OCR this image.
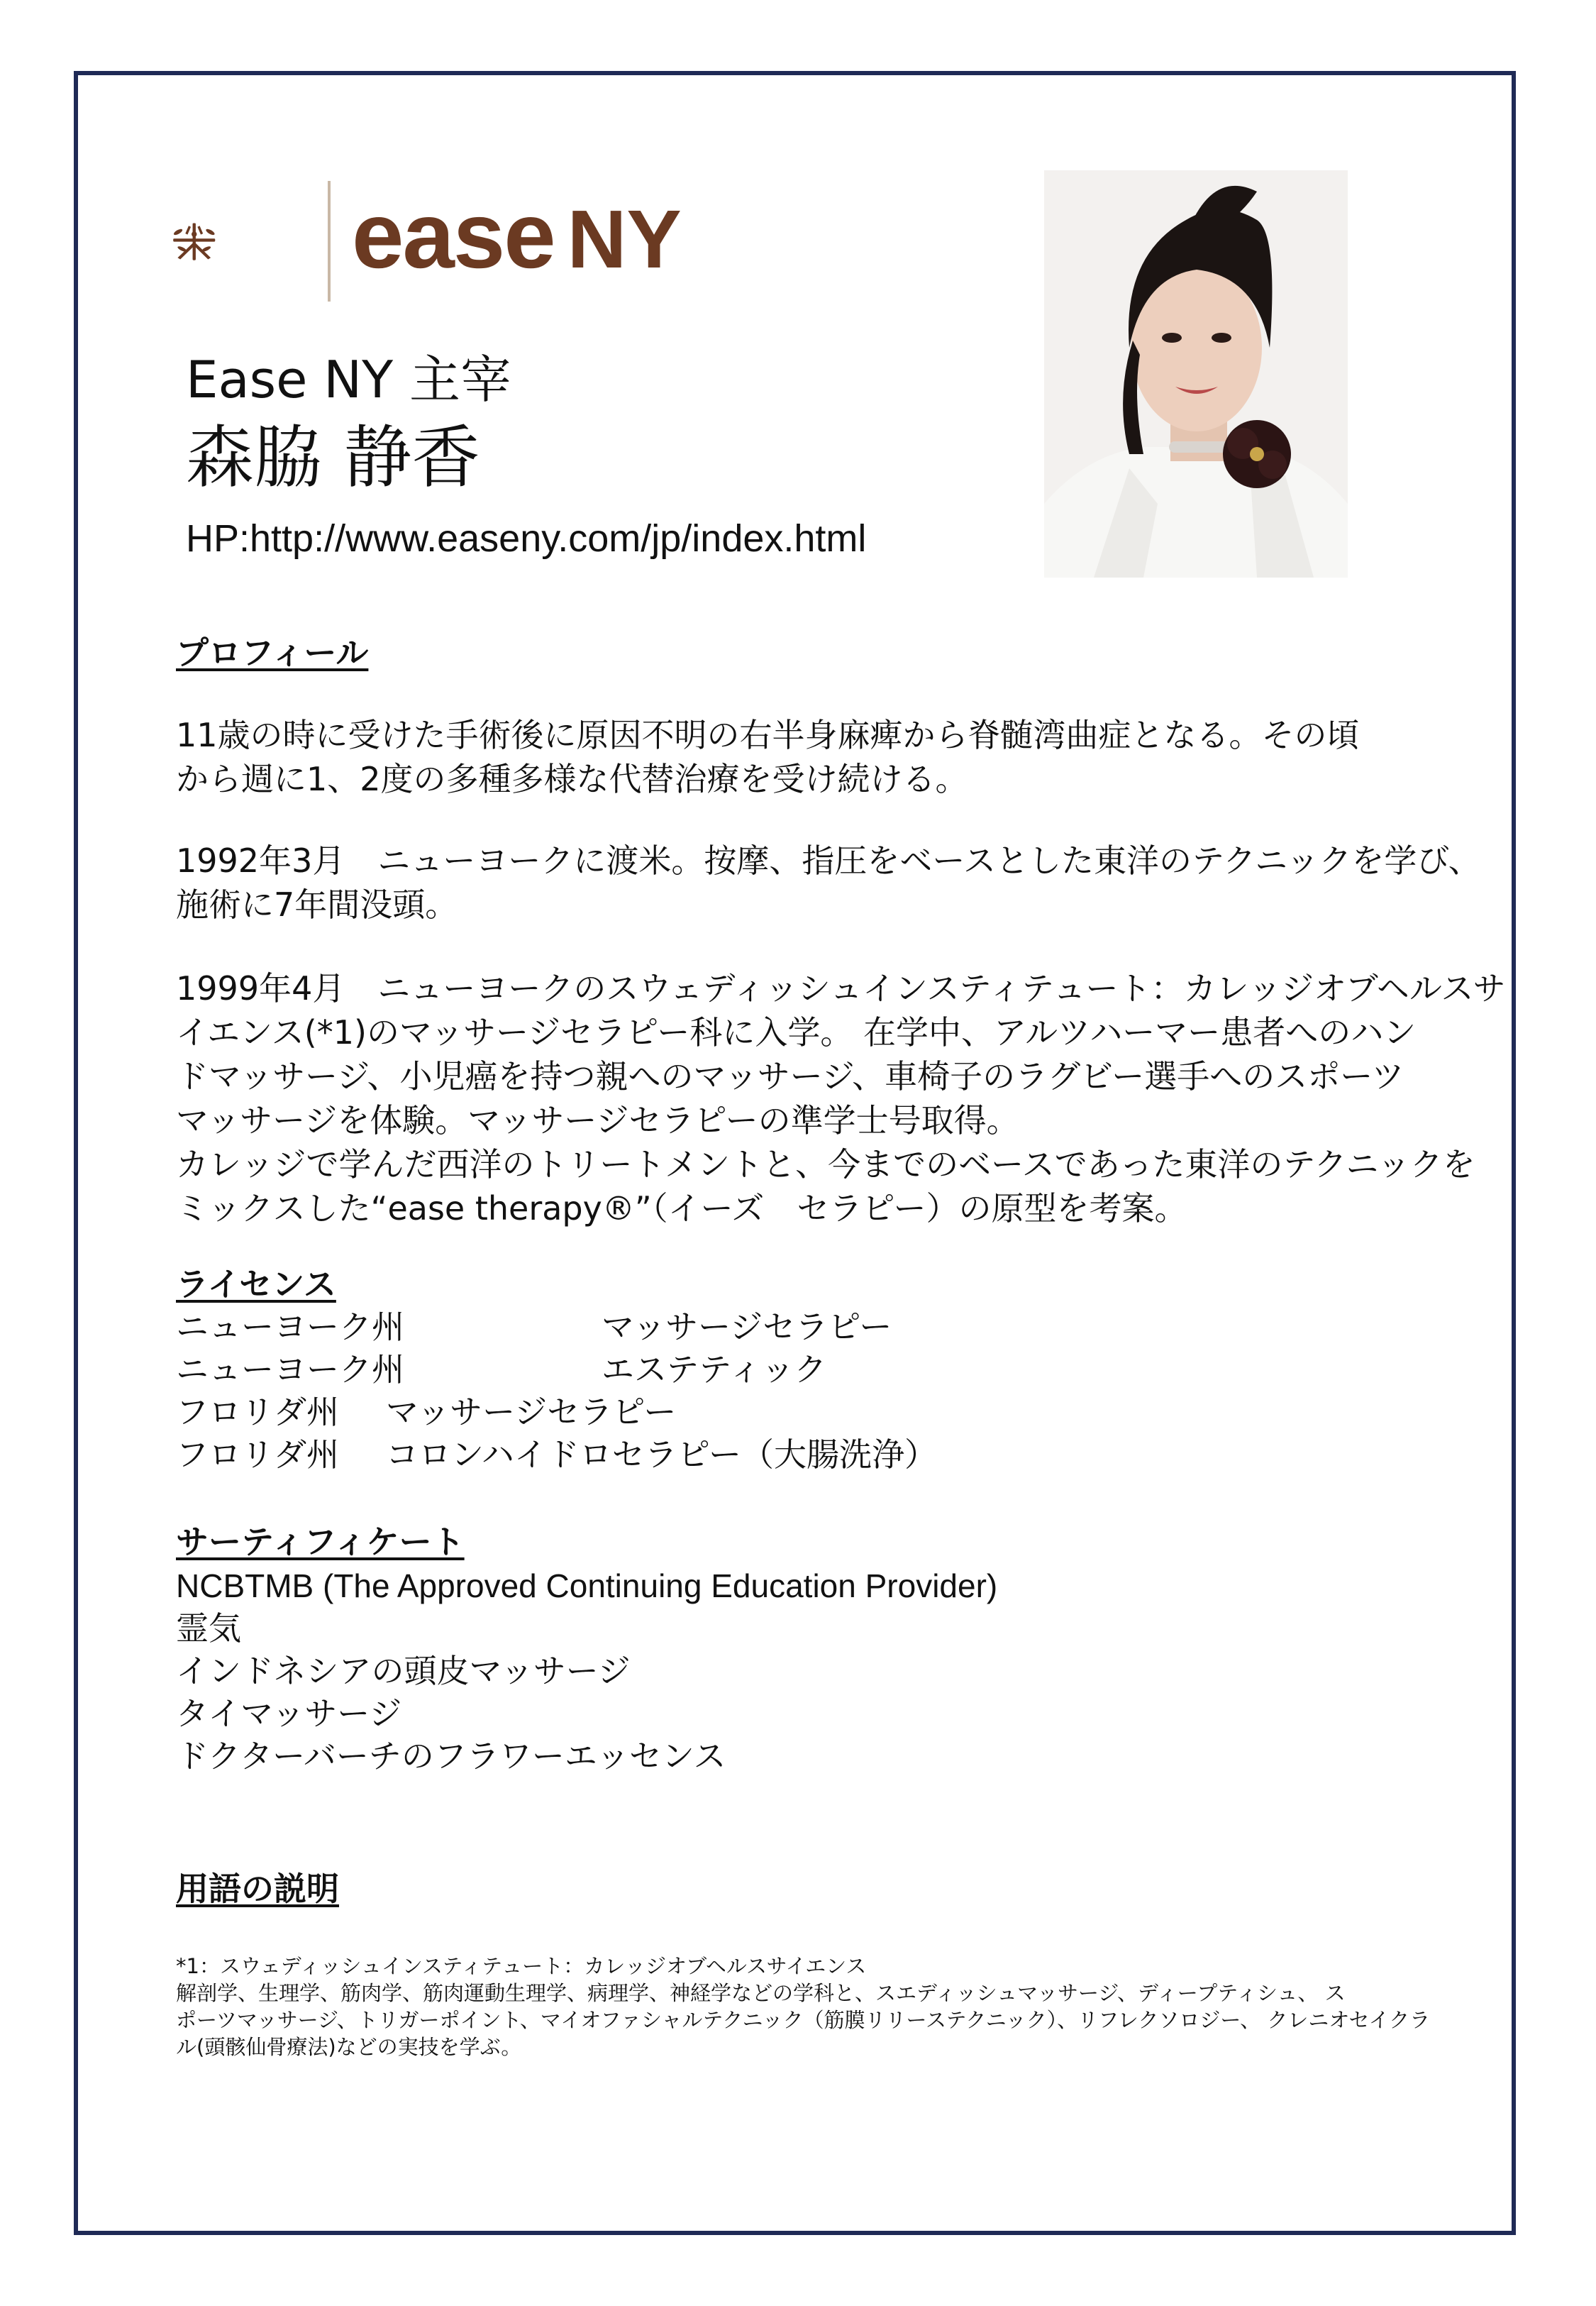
ease NY
Ease NY 主宰
森脇 静香
HP:http://www.easeny.com/jp/index.html
プロフィール
11歳の時に受けた手術後に原因不明の右半身麻痺から脊髄湾曲症となる。その頃
から週に1、2度の多種多様な代替治療を受け続ける。
1992年3月　ニューヨークに渡米。按摩、指圧をベースとした東洋のテクニックを学び、
施術に7年間没頭。
1999年4月　ニューヨークのスウェディッシュインスティテュート：カレッジオブヘルスサ
イエンス(*1)のマッサージセラピー科に入学。 在学中、アルツハーマー患者へのハン
ドマッサージ、小児癌を持つ親へのマッサージ、車椅子のラグビー選手へのスポーツ
マッサージを体験。マッサージセラピーの準学士号取得。
カレッジで学んだ西洋のトリートメントと、今までのベースであった東洋のテクニックを
ミックスした“ease therapy®”（イーズ　セラピー）の原型を考案。
ライセンス
ニューヨーク州	マッサージセラピー
ニューヨーク州	エステティック
フロリダ州 マッサージセラピー
フロリダ州 コロンハイドロセラピー（大腸洗浄）
サーティフィケート
NCBTMB (The Approved Continuing Education Provider)
霊気
インドネシアの頭皮マッサージ
タイマッサージ
ドクターバーチのフラワーエッセンス
用語の説明
*1：スウェディッシュインスティテュート：カレッジオブヘルスサイエンス
解剖学、生理学、筋肉学、筋肉運動生理学、病理学、神経学などの学科と、スエディッシュマッサージ、ディープティシュ、 ス
ポーツマッサージ、トリガーポイント、マイオファシャルテクニック（筋膜リリーステクニック）、リフレクソロジー、 クレニオセイクラ
ル(頭骸仙骨療法)などの実技を学ぶ。
